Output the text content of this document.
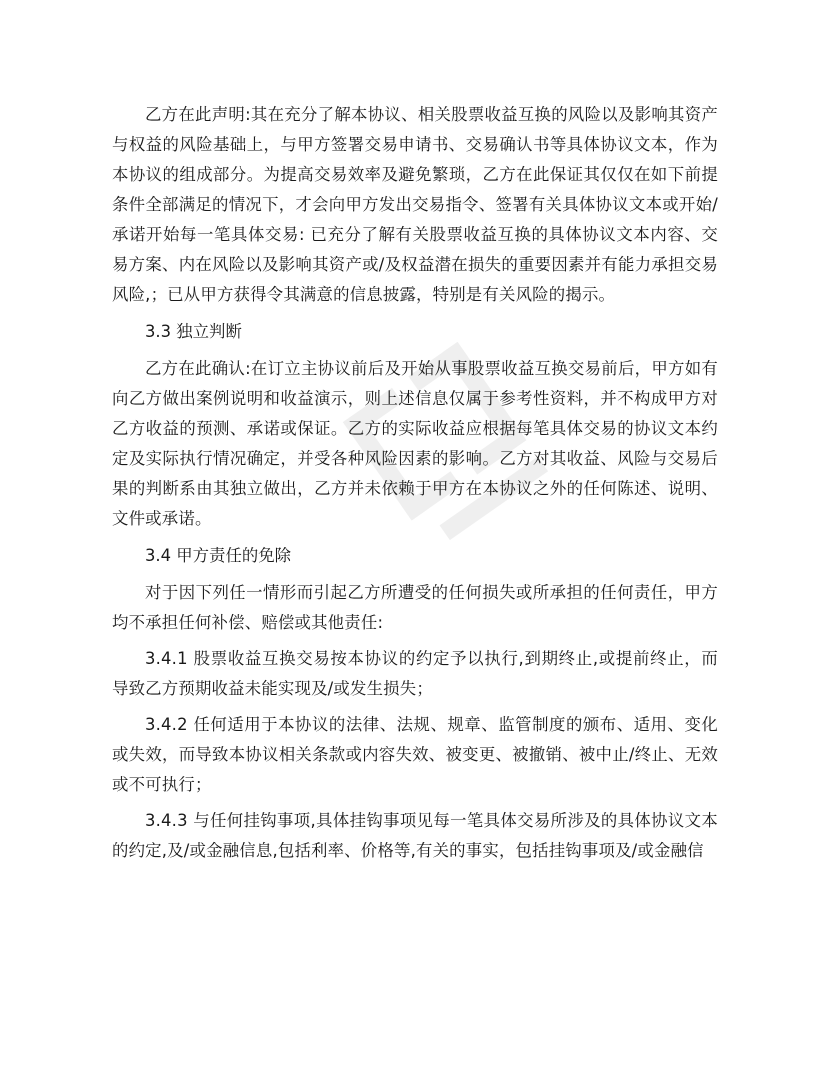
乙方在此声明:其在充分了解本协议、相关股票收益互换的风险以及影响其资产与权益的风险基础上，与甲方签署交易申请书、交易确认书等具体协议文本，作为本协议的组成部分。为提高交易效率及避免繁琐，乙方在此保证其仅仅在如下前提条件全部满足的情况下，才会向甲方发出交易指令、签署有关具体协议文本或开始/承诺开始每一笔具体交易: 已充分了解有关股票收益互换的具体协议文本内容、交易方案、内在风险以及影响其资产或/及权益潜在损失的重要因素并有能力承担交易风险,；已从甲方获得令其满意的信息披露，特别是有关风险的揭示。

3.3 独立判断

乙方在此确认:在订立主协议前后及开始从事股票收益互换交易前后，甲方如有向乙方做出案例说明和收益演示，则上述信息仅属于参考性资料，并不构成甲方对乙方收益的预测、承诺或保证。乙方的实际收益应根据每笔具体交易的协议文本约定及实际执行情况确定，并受各种风险因素的影响。乙方对其收益、风险与交易后果的判断系由其独立做出，乙方并未依赖于甲方在本协议之外的任何陈述、说明、文件或承诺。

3.4 甲方责任的免除

对于因下列任一情形而引起乙方所遭受的任何损失或所承担的任何责任，甲方均不承担任何补偿、赔偿或其他责任:

3.4.1 股票收益互换交易按本协议的约定予以执行,到期终止,或提前终止，而导致乙方预期收益未能实现及/或发生损失；

3.4.2 任何适用于本协议的法律、法规、规章、监管制度的颁布、适用、变化或失效，而导致本协议相关条款或内容失效、被变更、被撤销、被中止/终止、无效或不可执行；

3.4.3 与任何挂钩事项,具体挂钩事项见每一笔具体交易所涉及的具体协议文本的约定,及/或金融信息,包括利率、价格等,有关的事实，包括挂钩事项及/或金融信
